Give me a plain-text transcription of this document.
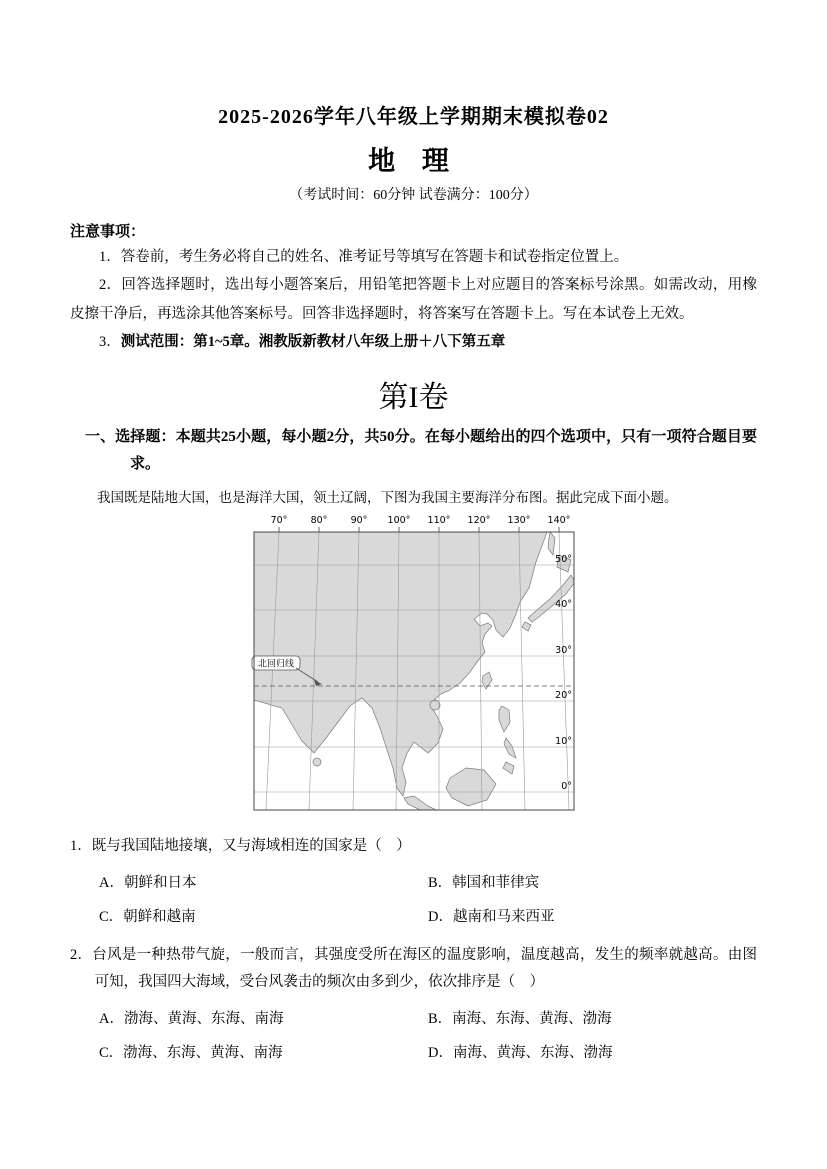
2025-2026学年八年级上学期期末模拟卷02
地 理
（考试时间：60分钟 试卷满分：100分）
注意事项：

1．答卷前，考生务必将自己的姓名、准考证号等填写在答题卡和试卷指定位置上。

2．回答选择题时，选出每小题答案后，用铅笔把答题卡上对应题目的答案标号涂黑。如需改动，用橡皮擦干净后，再选涂其他答案标号。回答非选择题时，将答案写在答题卡上。写在本试卷上无效。

3．测试范围：第1~5章。湘教版新教材八年级上册＋八下第五章

第I卷

一、选择题：本题共25小题，每小题2分，共50分。在每小题给出的四个选项中，只有一项符合题目要求。

我国既是陆地大国，也是海洋大国，领土辽阔，下图为我国主要海洋分布图。据此完成下面小题。

北回归线
70° 80° 90° 100° 110° 120° 130° 140°
50°
40°
30°
20°
10°
0°

1．既与我国陆地接壤，又与海域相连的国家是（　）

A．朝鲜和日本	B．韩国和菲律宾
C．朝鲜和越南	D．越南和马来西亚

2．台风是一种热带气旋，一般而言，其强度受所在海区的温度影响，温度越高，发生的频率就越高。由图可知，我国四大海域，受台风袭击的频次由多到少，依次排序是（　）

A．渤海、黄海、东海、南海	B．南海、东海、黄海、渤海
C．渤海、东海、黄海、南海	D．南海、黄海、东海、渤海
